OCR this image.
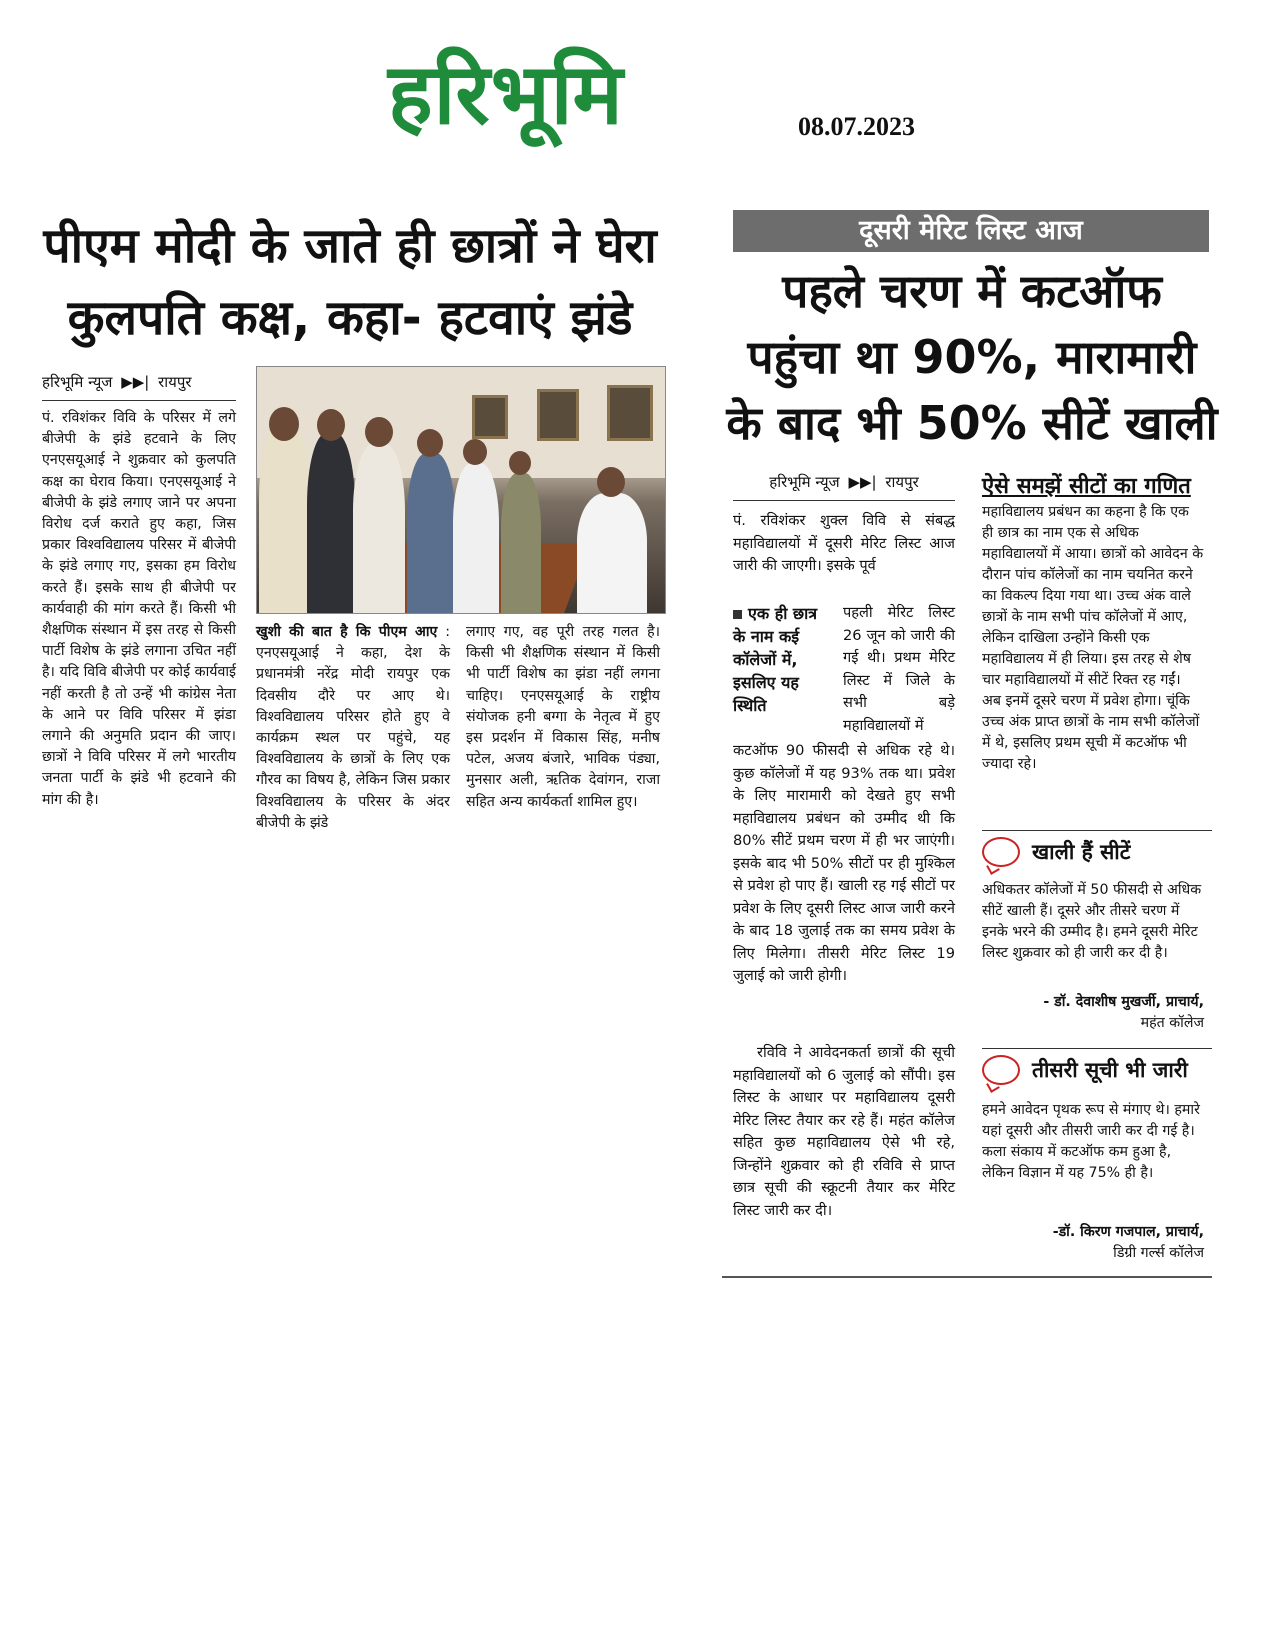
हरिभूमि	08.07.2023
पीएम मोदी के जाते ही छात्रों ने घेरा
कुलपति कक्ष, कहा- हटवाएं झंडे
हरिभूमि न्यूज ▶▶| रायपुर
पं. रविशंकर विवि के परिसर में लगे बीजेपी के झंडे हटवाने के लिए एनएसयूआई ने शुक्रवार को कुलपति कक्ष का घेराव किया। एनएसयूआई ने बीजेपी के झंडे लगाए जाने पर अपना विरोध दर्ज कराते हुए कहा, जिस प्रकार विश्वविद्यालय परिसर में बीजेपी के झंडे लगाए गए, इसका हम विरोध करते हैं। इसके साथ ही बीजेपी पर कार्यवाही की मांग करते हैं। किसी भी शैक्षणिक संस्थान में इस तरह से किसी पार्टी विशेष के झंडे लगाना उचित नहीं है। यदि विवि बीजेपी पर कोई कार्यवाई नहीं करती है तो उन्हें भी कांग्रेस नेता के आने पर विवि परिसर में झंडा लगाने की अनुमति प्रदान की जाए। छात्रों ने विवि परिसर में लगे भारतीय जनता पार्टी के झंडे भी हटवाने की मांग की है।
खुशी की बात है कि पीएम आए : एनएसयूआई ने कहा, देश के प्रधानमंत्री नरेंद्र मोदी रायपुर एक दिवसीय दौरे पर आए थे। विश्वविद्यालय परिसर होते हुए वे कार्यक्रम स्थल पर पहुंचे, यह विश्वविद्यालय के छात्रों के लिए एक गौरव का विषय है, लेकिन जिस प्रकार विश्वविद्यालय के परिसर के अंदर बीजेपी के झंडे
लगाए गए, वह पूरी तरह गलत है। किसी भी शैक्षणिक संस्थान में किसी भी पार्टी विशेष का झंडा नहीं लगना चाहिए। एनएसयूआई के राष्ट्रीय संयोजक हनी बग्गा के नेतृत्व में हुए इस प्रदर्शन में विकास सिंह, मनीष पटेल, अजय बंजारे, भाविक पंड्या, मुनसार अली, ऋतिक देवांगन, राजा सहित अन्य कार्यकर्ता शामिल हुए।
दूसरी मेरिट लिस्ट आज
पहले चरण में कटऑफ
पहुंचा था 90%, मारामारी
के बाद भी 50% सीटें खाली
हरिभूमि न्यूज ▶▶| रायपुर
पं. रविशंकर शुक्ल विवि से संबद्ध महाविद्यालयों में दूसरी मेरिट लिस्ट आज जारी की जाएगी। इसके पूर्व
एक ही छात्र के नाम कई कॉलेजों में, इसलिए यह स्थिति
पहली मेरिट लिस्ट 26 जून को जारी की गई थी। प्रथम मेरिट लिस्ट में जिले के सभी बड़े महाविद्यालयों में
कटऑफ 90 फीसदी से अधिक रहे थे। कुछ कॉलेजों में यह 93% तक था। प्रवेश के लिए मारामारी को देखते हुए सभी महाविद्यालय प्रबंधन को उम्मीद थी कि 80% सीटें प्रथम चरण में ही भर जाएंगी। इसके बाद भी 50% सीटों पर ही मुश्किल से प्रवेश हो पाए हैं। खाली रह गई सीटों पर प्रवेश के लिए दूसरी लिस्ट आज जारी करने के बाद 18 जुलाई तक का समय प्रवेश के लिए मिलेगा। तीसरी मेरिट लिस्ट 19 जुलाई को जारी होगी।
रविवि ने आवेदनकर्ता छात्रों की सूची महाविद्यालयों को 6 जुलाई को सौंपी। इस लिस्ट के आधार पर महाविद्यालय दूसरी मेरिट लिस्ट तैयार कर रहे हैं। महंत कॉलेज सहित कुछ महाविद्यालय ऐसे भी रहे, जिन्होंने शुक्रवार को ही रविवि से प्राप्त छात्र सूची की स्क्रूटनी तैयार कर मेरिट लिस्ट जारी कर दी।
ऐसे समझें सीटों का गणित
महाविद्यालय प्रबंधन का कहना है कि एक ही छात्र का नाम एक से अधिक महाविद्यालयों में आया। छात्रों को आवेदन के दौरान पांच कॉलेजों का नाम चयनित करने का विकल्प दिया गया था। उच्च अंक वाले छात्रों के नाम सभी पांच कॉलेजों में आए, लेकिन दाखिला उन्होंने किसी एक महाविद्यालय में ही लिया। इस तरह से शेष चार महाविद्यालयों में सीटें रिक्त रह गईं। अब इनमें दूसरे चरण में प्रवेश होगा। चूंकि उच्च अंक प्राप्त छात्रों के नाम सभी कॉलेजों में थे, इसलिए प्रथम सूची में कटऑफ भी ज्यादा रहे।
खाली हैं सीटें
अधिकतर कॉलेजों में 50 फीसदी से अधिक सीटें खाली हैं। दूसरे और तीसरे चरण में इनके भरने की उम्मीद है। हमने दूसरी मेरिट लिस्ट शुक्रवार को ही जारी कर दी है।
- डॉ. देवाशीष मुखर्जी, प्राचार्य,
महंत कॉलेज
तीसरी सूची भी जारी
हमने आवेदन पृथक रूप से मंगाए थे। हमारे यहां दूसरी और तीसरी जारी कर दी गई है। कला संकाय में कटऑफ कम हुआ है, लेकिन विज्ञान में यह 75% ही है।
-डॉ. किरण गजपाल, प्राचार्य,
डिग्री गर्ल्स कॉलेज
